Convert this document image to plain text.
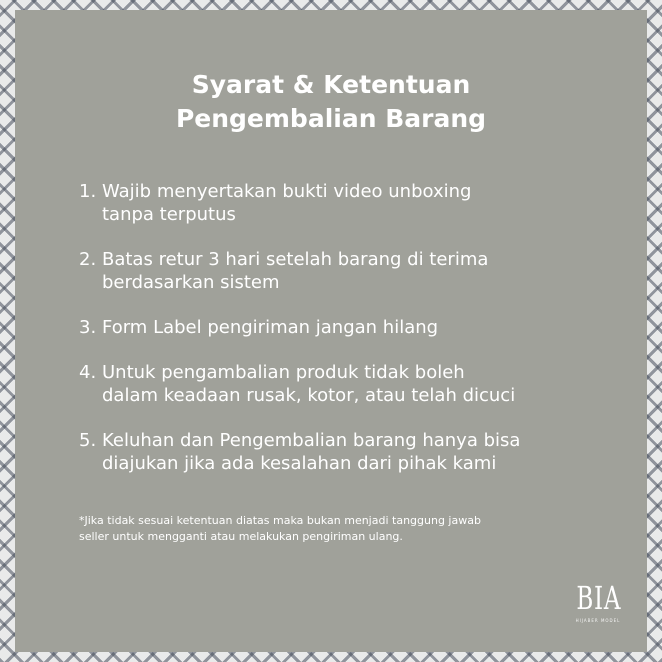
Syarat & Ketentuan
Pengembalian Barang
1. Wajib menyertakan bukti video unboxing
tanpa terputus
2. Batas retur 3 hari setelah barang di terima
berdasarkan sistem
3. Form Label pengiriman jangan hilang
4. Untuk pengambalian produk tidak boleh
dalam keadaan rusak, kotor, atau telah dicuci
5. Keluhan dan Pengembalian barang hanya bisa
diajukan jika ada kesalahan dari pihak kami

*Jika tidak sesuai ketentuan diatas maka bukan menjadi tanggung jawab
seller untuk mengganti atau melakukan pengiriman ulang.

BIA
HIJABER MODEL
